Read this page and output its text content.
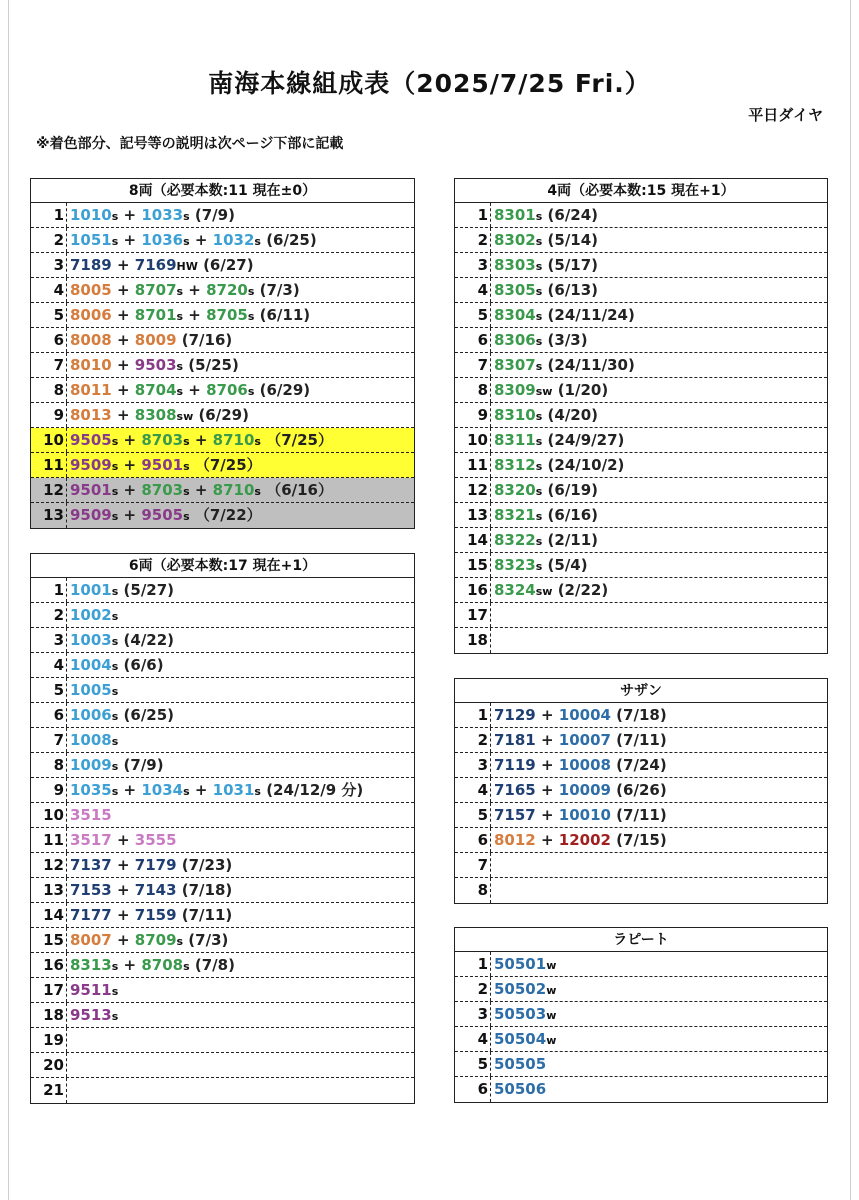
南海本線組成表（2025/7/25 Fri.）
平日ダイヤ
※着色部分、記号等の説明は次ページ下部に記載
8両（必要本数:11 現在±0）
1 1010s + 1033s (7/9)
2 1051s + 1036s + 1032s (6/25)
3 7189 + 7169HW (6/27)
4 8005 + 8707s + 8720s (7/3)
5 8006 + 8701s + 8705s (6/11)
6 8008 + 8009 (7/16)
7 8010 + 9503s (5/25)
8 8011 + 8704s + 8706s (6/29)
9 8013 + 8308sw (6/29)
10 9505s + 8703s + 8710s （7/25）
11 9509s + 9501s （7/25）
12 9501s + 8703s + 8710s （6/16）
13 9509s + 9505s （7/22）
6両（必要本数:17 現在+1）
1 1001s (5/27)
2 1002s
3 1003s (4/22)
4 1004s (6/6)
5 1005s
6 1006s (6/25)
7 1008s
8 1009s (7/9)
9 1035s + 1034s + 1031s (24/12/9 分)
10 3515
11 3517 + 3555
12 7137 + 7179 (7/23)
13 7153 + 7143 (7/18)
14 7177 + 7159 (7/11)
15 8007 + 8709s (7/3)
16 8313s + 8708s (7/8)
17 9511s
18 9513s
19
20
21
4両（必要本数:15 現在+1）
1 8301s (6/24)
2 8302s (5/14)
3 8303s (5/17)
4 8305s (6/13)
5 8304s (24/11/24)
6 8306s (3/3)
7 8307s (24/11/30)
8 8309sw (1/20)
9 8310s (4/20)
10 8311s (24/9/27)
11 8312s (24/10/2)
12 8320s (6/19)
13 8321s (6/16)
14 8322s (2/11)
15 8323s (5/4)
16 8324sw (2/22)
17
18
サザン
1 7129 + 10004 (7/18)
2 7181 + 10007 (7/11)
3 7119 + 10008 (7/24)
4 7165 + 10009 (6/26)
5 7157 + 10010 (7/11)
6 8012 + 12002 (7/15)
7
8
ラピート
1 50501w
2 50502w
3 50503w
4 50504w
5 50505
6 50506
